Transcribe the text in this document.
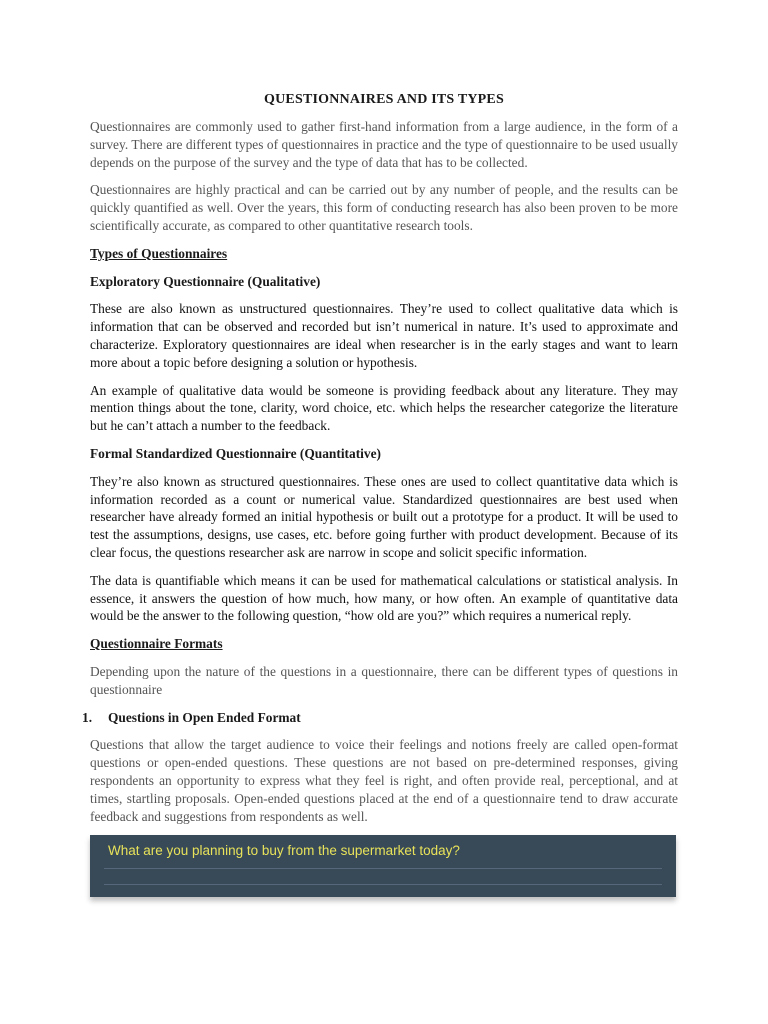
QUESTIONNAIRES AND ITS TYPES

Questionnaires are commonly used to gather first-hand information from a large audience, in the form of a survey. There are different types of questionnaires in practice and the type of questionnaire to be used usually depends on the purpose of the survey and the type of data that has to be collected.

Questionnaires are highly practical and can be carried out by any number of people, and the results can be quickly quantified as well. Over the years, this form of conducting research has also been proven to be more scientifically accurate, as compared to other quantitative research tools.

Types of Questionnaires
Exploratory Questionnaire (Qualitative)

These are also known as unstructured questionnaires. They’re used to collect qualitative data which is information that can be observed and recorded but isn’t numerical in nature. It’s used to approximate and characterize. Exploratory questionnaires are ideal when researcher is in the early stages and want to learn more about a topic before designing a solution or hypothesis.

An example of qualitative data would be someone is providing feedback about any literature. They may mention things about the tone, clarity, word choice, etc. which helps the researcher categorize the literature but he can’t attach a number to the feedback.

Formal Standardized Questionnaire (Quantitative)

They’re also known as structured questionnaires. These ones are used to collect quantitative data which is information recorded as a count or numerical value. Standardized questionnaires are best used when researcher have already formed an initial hypothesis or built out a prototype for a product. It will be used to test the assumptions, designs, use cases, etc. before going further with product development. Because of its clear focus, the questions researcher ask are narrow in scope and solicit specific information.

The data is quantifiable which means it can be used for mathematical calculations or statistical analysis. In essence, it answers the question of how much, how many, or how often. An example of quantitative data would be the answer to the following question, “how old are you?” which requires a numerical reply.

Questionnaire Formats

Depending upon the nature of the questions in a questionnaire, there can be different types of questions in questionnaire

1.	Questions in Open Ended Format

Questions that allow the target audience to voice their feelings and notions freely are called open-format questions or open-ended questions. These questions are not based on pre-determined responses, giving respondents an opportunity to express what they feel is right, and often provide real, perceptional, and at times, startling proposals. Open-ended questions placed at the end of a questionnaire tend to draw accurate feedback and suggestions from respondents as well.

What are you planning to buy from the supermarket today?
